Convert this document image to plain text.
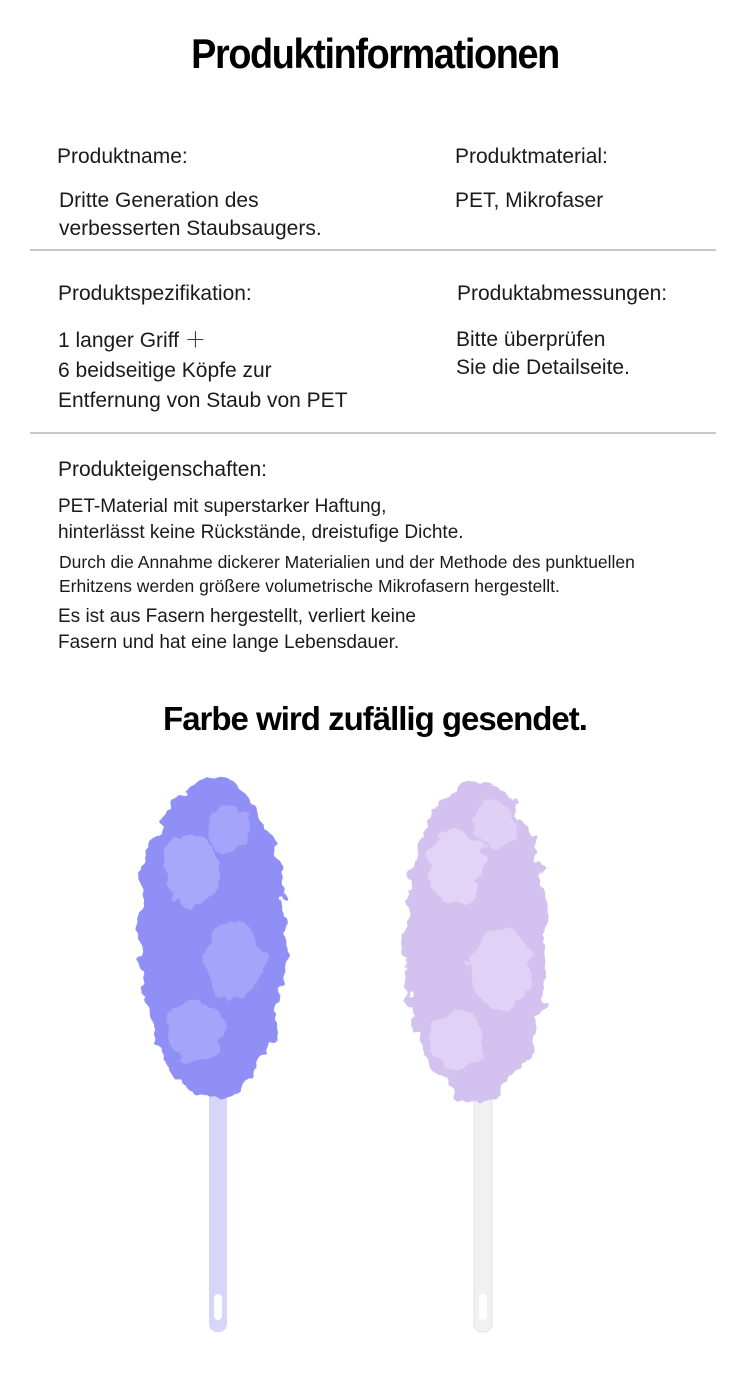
Produktinformationen
Produktname:
Dritte Generation des
verbesserten Staubsaugers.
Produktmaterial:
PET, Mikrofaser
Produktspezifikation:
1 langer Griff ＋
6 beidseitige Köpfe zur
Entfernung von Staub von PET
Produktabmessungen:
Bitte überprüfen
Sie die Detailseite.
Produkteigenschaften:
PET-Material mit superstarker Haftung,
hinterlässt keine Rückstände, dreistufige Dichte.
Durch die Annahme dickerer Materialien und der Methode des punktuellen
Erhitzens werden größere volumetrische Mikrofasern hergestellt.
Es ist aus Fasern hergestellt, verliert keine
Fasern und hat eine lange Lebensdauer.
Farbe wird zufällig gesendet.
